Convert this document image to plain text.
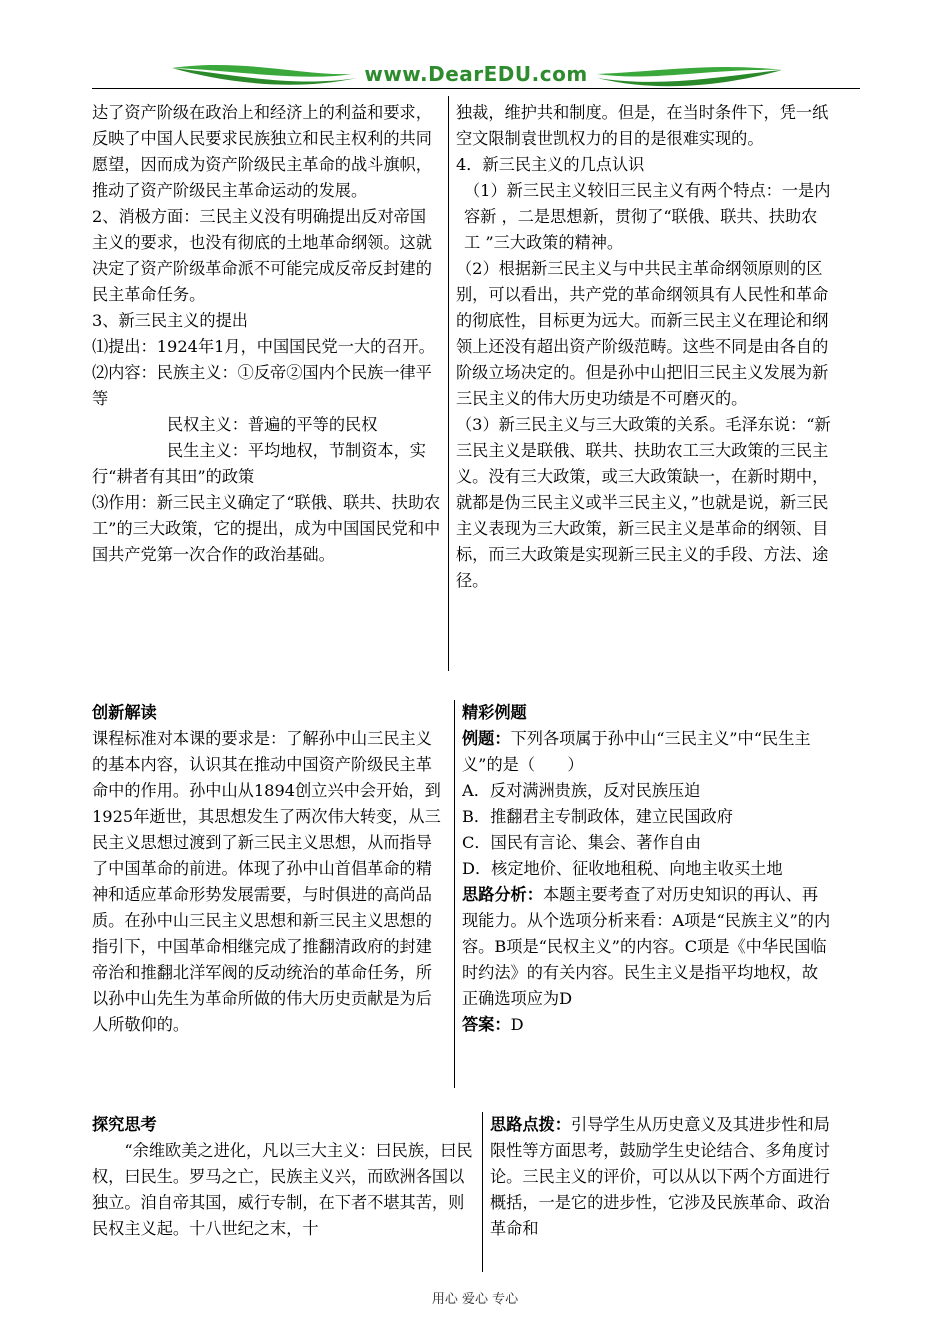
www.DearEDU.com

达了资产阶级在政治上和经济上的利益和要求，反映了中国人民要求民族独立和民主权利的共同愿望，因而成为资产阶级民主革命的战斗旗帜，推动了资产阶级民主革命运动的发展。

2、消极方面：三民主义没有明确提出反对帝国主义的要求，也没有彻底的土地革命纲领。这就决定了资产阶级革命派不可能完成反帝反封建的民主革命任务。

3、新三民主义的提出

⑴提出：1924年1月，中国国民党一大的召开。

⑵内容：民族主义：①反帝②国内个民族一律平等

民权主义：普遍的平等的民权

民生主义：平均地权，节制资本，实行“耕者有其田”的政策

⑶作用：新三民主义确定了“联俄、联共、扶助农工”的三大政策，它的提出，成为中国国民党和中国共产党第一次合作的政治基础。

独裁，维护共和制度。但是，在当时条件下，凭一纸空文限制袁世凯权力的目的是很难实现的。

4．新三民主义的几点认识

（1）新三民主义较旧三民主义有两个特点：一是内容新 ，二是思想新，贯彻了“联俄、联共、扶助农工 ”三大政策的精神。

（2）根据新三民主义与中共民主革命纲领原则的区别，可以看出，共产党的革命纲领具有人民性和革命的彻底性，目标更为远大。而新三民主义在理论和纲领上还没有超出资产阶级范畴。这些不同是由各自的阶级立场决定的。但是孙中山把旧三民主义发展为新三民主义的伟大历史功绩是不可磨灭的。

（3）新三民主义与三大政策的关系。毛泽东说：“新三民主义是联俄、联共、扶助农工三大政策的三民主义。没有三大政策，或三大政策缺一，在新时期中，就都是伪三民主义或半三民主义，”也就是说，新三民主义表现为三大政策，新三民主义是革命的纲领、目标，而三大政策是实现新三民主义的手段、方法、途径。

创新解读

课程标准对本课的要求是：了解孙中山三民主义的基本内容，认识其在推动中国资产阶级民主革命中的作用。孙中山从1894创立兴中会开始，到1925年逝世，其思想发生了两次伟大转变，从三民主义思想过渡到了新三民主义思想，从而指导了中国革命的前进。体现了孙中山首倡革命的精神和适应革命形势发展需要，与时俱进的高尚品质。在孙中山三民主义思想和新三民主义思想的指引下，中国革命相继完成了推翻清政府的封建帝治和推翻北洋军阀的反动统治的革命任务，所以孙中山先生为革命所做的伟大历史贡献是为后人所敬仰的。

精彩例题

例题：下列各项属于孙中山“三民主义”中“民生主义”的是（　　）

A．反对满洲贵族，反对民族压迫

B．推翻君主专制政体，建立民国政府

C．国民有言论、集会、著作自由

D．核定地价、征收地租税、向地主收买土地

思路分析：本题主要考查了对历史知识的再认、再现能力。从个选项分析来看：A项是“民族主义”的内容。B项是“民权主义”的内容。C项是《中华民国临时约法》的有关内容。民生主义是指平均地权，故正确选项应为D

答案：D

探究思考

“余维欧美之进化，凡以三大主义：曰民族，曰民权，曰民生。罗马之亡，民族主义兴，而欧洲各国以独立。洎自帝其国，威行专制，在下者不堪其苦，则民权主义起。十八世纪之末，十

思路点拨：引导学生从历史意义及其进步性和局限性等方面思考，鼓励学生史论结合、多角度讨论。三民主义的评价，可以从以下两个方面进行概括，一是它的进步性，它涉及民族革命、政治革命和

用心 爱心 专心
